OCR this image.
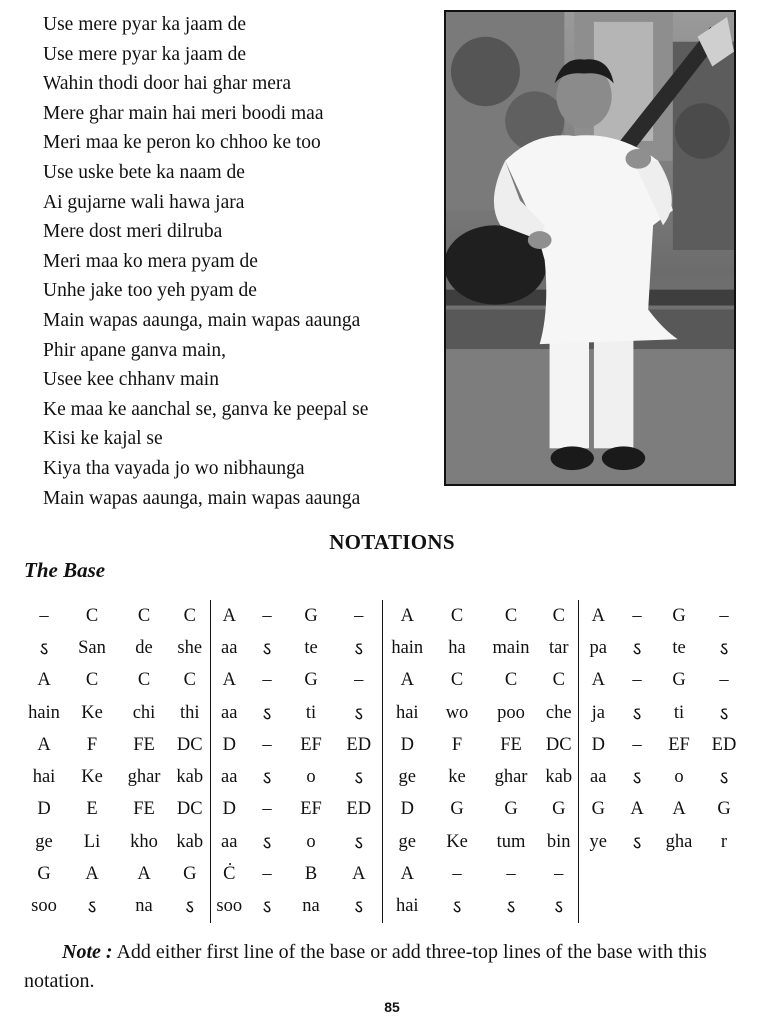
Use mere pyar ka jaam de
Use mere pyar ka jaam de
Wahin thodi door hai ghar mera
Mere ghar main hai meri boodi maa
Meri maa ke peron ko chhoo ke too
Use uske bete ka naam de
Ai gujarne wali hawa jara
Mere dost meri dilruba
Meri maa ko mera pyam de
Unhe jake too yeh pyam de
Main wapas aaunga, main wapas aaunga
Phir apane ganva main,
Usee kee chhanv main
Ke maa ke aanchal se, ganva ke peepal se
Kisi ke kajal se
Kiya tha vayada jo wo nibhaunga
Main wapas aaunga, main wapas aaunga
NOTATIONS
The Base
–	C	C	C	A	–	G	–	A	C	C	C	A	–	G	–
ऽ	San	de	she	aa	ऽ	te	ऽ	hain	ha	main	tar	pa	ऽ	te	ऽ
A	C	C	C	A	–	G	–	A	C	C	C	A	–	G	–
hain	Ke	chi	thi	aa	ऽ	ti	ऽ	hai	wo	poo	che	ja	ऽ	ti	ऽ
A	F	FE	DC	D	–	EF	ED	D	F	FE	DC	D	–	EF	ED
hai	Ke	ghar	kab	aa	ऽ	o	ऽ	ge	ke	ghar	kab	aa	ऽ	o	ऽ
D	E	FE	DC	D	–	EF	ED	D	G	G	G	G	A	A	G
ge	Li	kho	kab	aa	ऽ	o	ऽ	ge	Ke	tum	bin	ye	ऽ	gha	r
G	A	A	G	Ċ	–	B	A	A	–	–	–				
soo	ऽ	na	ऽ	soo	ऽ	na	ऽ	hai	ऽ	ऽ	ऽ				
Note : Add either first line of the base or add three-top lines of the base with this notation.
85
